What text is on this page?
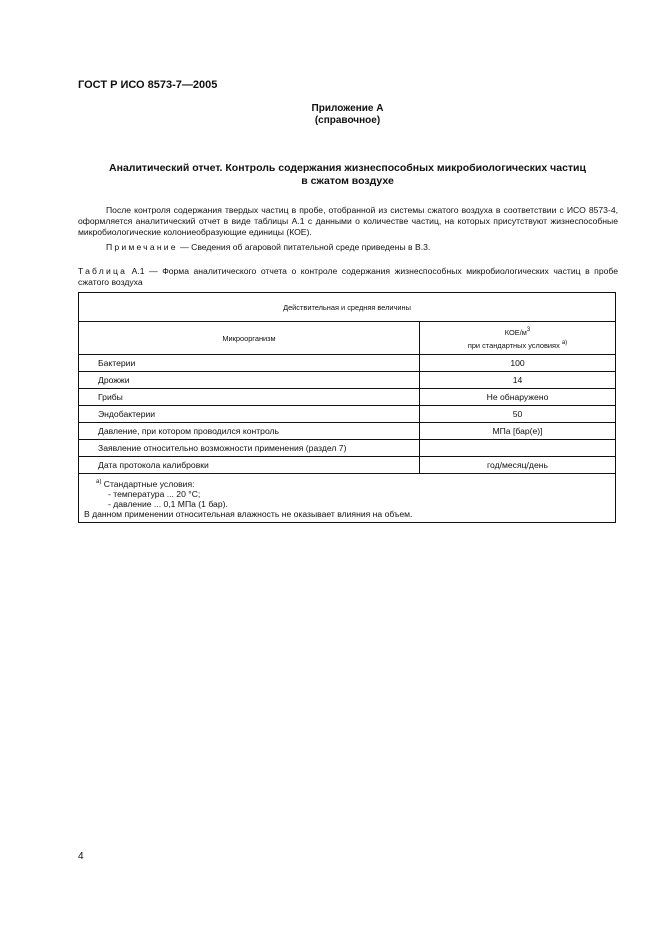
ГОСТ Р ИСО 8573-7—2005
Приложение А
(справочное)
Аналитический отчет. Контроль содержания жизнеспособных микробиологических частиц
в сжатом воздухе
После контроля содержания твердых частиц в пробе, отобранной из системы сжатого воздуха в соответствии с ИСО 8573-4, оформляется аналитический отчет в виде таблицы А.1 с данными о количестве частиц, на которых присутствуют жизнеспособные микробиологические колониеобразующие единицы (КОЕ).
Примечание — Сведения об агаровой питательной среде приведены в В.3.
Таблица А.1 — Форма аналитического отчета о контроле содержания жизнеспособных микробиологических частиц в пробе сжатого воздуха
Действительная и средняя величины	
Микроорганизм	КОЕ/$м^3$
при стандартных условиях $^{a)}$
Бактерии	100
Дрожжи	14
Грибы	Не обнаружено
Эндобактерии	50
Давление, при котором проводился контроль	МПа [бар(е)]
Заявление относительно возможности применения (раздел 7)	
Дата протокола калибровки	год/месяц/день

$^{a)}$ Стандартные условия:
- температура ... 20 °С;
- давление ... 0,1 МПа (1 бар).
В данном применении относительная влажность не оказывает влияния на объем.	
4
